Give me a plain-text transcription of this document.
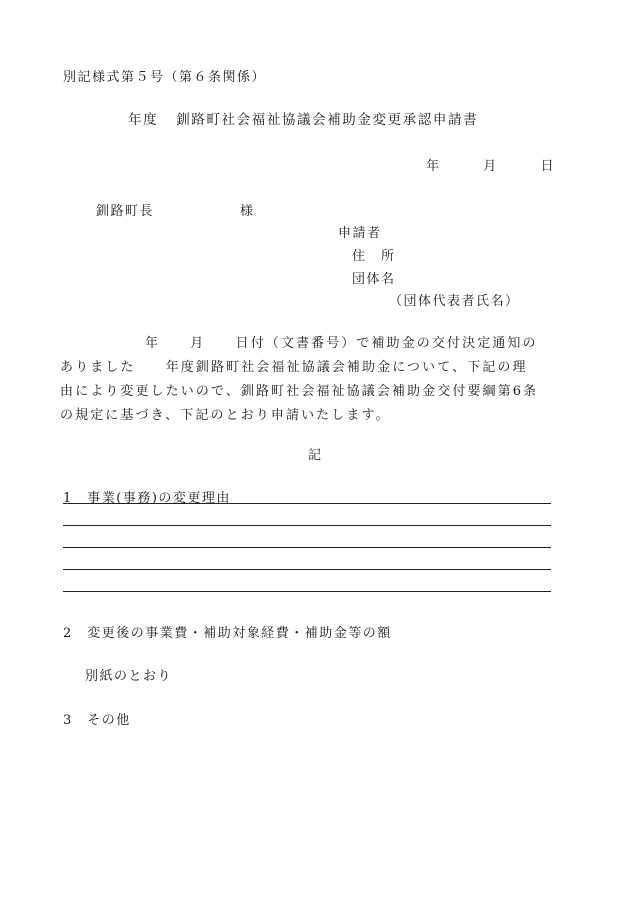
別記様式第５号（第６条関係）
年度 釧路町社会福祉協議会補助金変更承認申請書
年	月	日
釧路町長	様
申請者
住　所
団体名
（団体代表者氏名）
年　　月　　日付（文書番号）で補助金の交付決定通知の
ありました　　年度釧路町社会福祉協議会補助金について、下記の理
由により変更したいので、釧路町社会福祉協議会補助金交付要綱第6条
の規定に基づき、下記のとおり申請いたします。
記
1　事業(事務)の変更理由
2　変更後の事業費・補助対象経費・補助金等の額
別紙のとおり
3　その他
